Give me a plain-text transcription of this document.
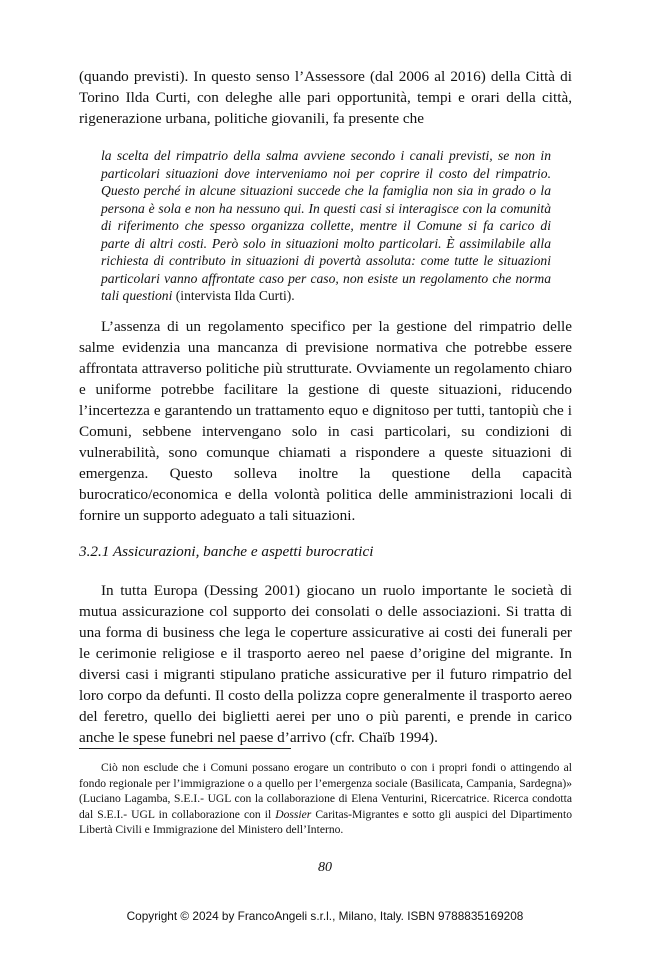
(quando previsti). In questo senso l’Assessore (dal 2006 al 2016) della Città di Torino Ilda Curti, con deleghe alle pari opportunità, tempi e orari della città, rigenerazione urbana, politiche giovanili, fa presente che

la scelta del rimpatrio della salma avviene secondo i canali previsti, se non in particolari situazioni dove interveniamo noi per coprire il costo del rimpatrio. Questo perché in alcune situazioni succede che la famiglia non sia in grado o la persona è sola e non ha nessuno qui. In questi casi si interagisce con la comunità di riferimento che spesso organizza collette, mentre il Comune si fa carico di parte di altri costi. Però solo in situazioni molto particolari. È assimilabile alla richiesta di contributo in situazioni di povertà assoluta: come tutte le situazioni particolari vanno affrontate caso per caso, non esiste un regolamento che norma tali questioni (intervista Ilda Curti).

L’assenza di un regolamento specifico per la gestione del rimpatrio delle salme evidenzia una mancanza di previsione normativa che potrebbe essere affrontata attraverso politiche più strutturate. Ovviamente un regolamento chiaro e uniforme potrebbe facilitare la gestione di queste situazioni, riducendo l’incertezza e garantendo un trattamento equo e dignitoso per tutti, tantopiù che i Comuni, sebbene intervengano solo in casi particolari, su condizioni di vulnerabilità, sono comunque chiamati a rispondere a queste situazioni di emergenza. Questo solleva inoltre la questione della capacità burocratico/economica e della volontà politica delle amministrazioni locali di fornire un supporto adeguato a tali situazioni.

3.2.1 Assicurazioni, banche e aspetti burocratici

In tutta Europa (Dessing 2001) giocano un ruolo importante le società di mutua assicurazione col supporto dei consolati o delle associazioni. Si tratta di una forma di business che lega le coperture assicurative ai costi dei funerali per le cerimonie religiose e il trasporto aereo nel paese d’origine del migrante. In diversi casi i migranti stipulano pratiche assicurative per il futuro rimpatrio del loro corpo da defunti. Il costo della polizza copre generalmente il trasporto aereo del feretro, quello dei biglietti aerei per uno o più parenti, e prende in carico anche le spese funebri nel paese d’arrivo (cfr. Chaïb 1994).

Ciò non esclude che i Comuni possano erogare un contributo o con i propri fondi o attingendo al fondo regionale per l’immigrazione o a quello per l’emergenza sociale (Basilicata, Campania, Sardegna)» (Luciano Lagamba, S.E.I.- UGL con la collaborazione di Elena Venturini, Ricercatrice. Ricerca condotta dal S.E.I.- UGL in collaborazione con il Dossier Caritas-Migrantes e sotto gli auspici del Dipartimento Libertà Civili e Immigrazione del Ministero dell’Interno.

80
Copyright © 2024 by FrancoAngeli s.r.l., Milano, Italy. ISBN 9788835169208
